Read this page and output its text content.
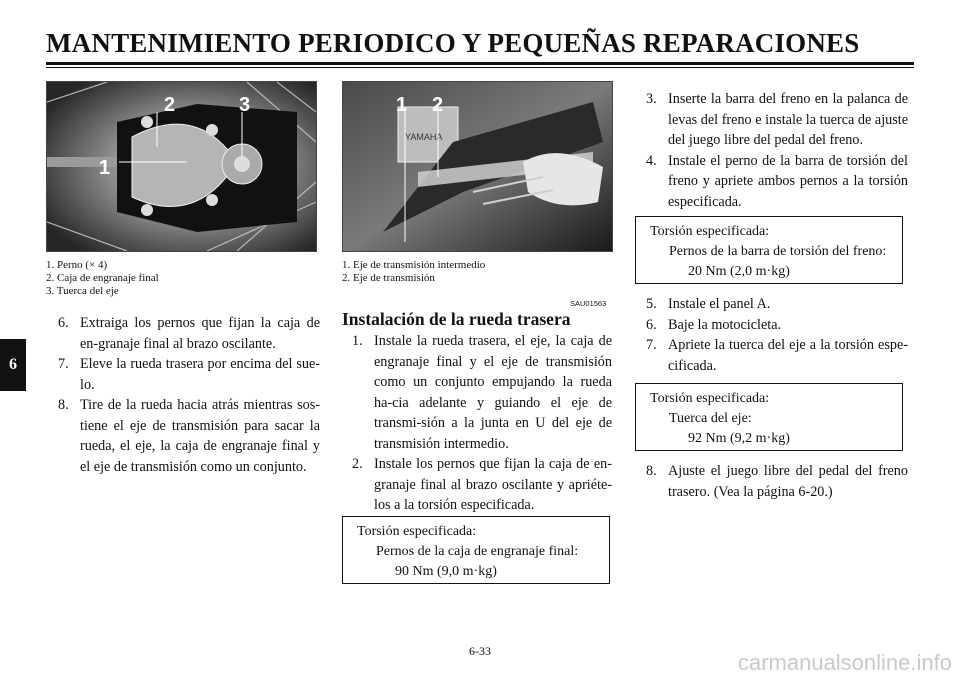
MANTENIMIENTO PERIODICO Y PEQUEÑAS REPARACIONES
6
2	3
1
1. Perno (× 4)
2. Caja de engranaje final
3. Tuerca del eje
YAMAHA
1 2
1. Eje de transmisión intermedio
2. Eje de transmisión
6. Extraiga los pernos que fijan la caja de en-granaje final al brazo oscilante.
7. Eleve la rueda trasera por encima del sue-lo.
8. Tire de la rueda hacia atrás mientras sos-tiene el eje de transmisión para sacar la rueda, el eje, la caja de engranaje final y el eje de transmisión como un conjunto.
SAU01563
Instalación de la rueda trasera
1. Instale la rueda trasera, el eje, la caja de engranaje final y el eje de transmisión como un conjunto empujando la rueda ha-cia adelante y guiando el eje de transmi-sión a la junta en U del eje de transmisión intermedio.
2. Instale los pernos que fijan la caja de en-granaje final al brazo oscilante y apriéte-los a la torsión especificada.
Torsión especificada:
Pernos de la caja de engranaje final:
90 Nm (9,0 m·kg)
3. Inserte la barra del freno en la palanca de levas del freno e instale la tuerca de ajuste del juego libre del pedal del freno.
4. Instale el perno de la barra de torsión del freno y apriete ambos pernos a la torsión especificada.
Torsión especificada:
Pernos de la barra de torsión del freno:
20 Nm (2,0 m·kg)
5. Instale el panel A.
6. Baje la motocicleta.
7. Apriete la tuerca del eje a la torsión espe-cificada.
Torsión especificada:
Tuerca del eje:
92 Nm (9,2 m·kg)
8. Ajuste el juego libre del pedal del freno trasero. (Vea la página 6-20.)
6-33	carmanualsonline.info
